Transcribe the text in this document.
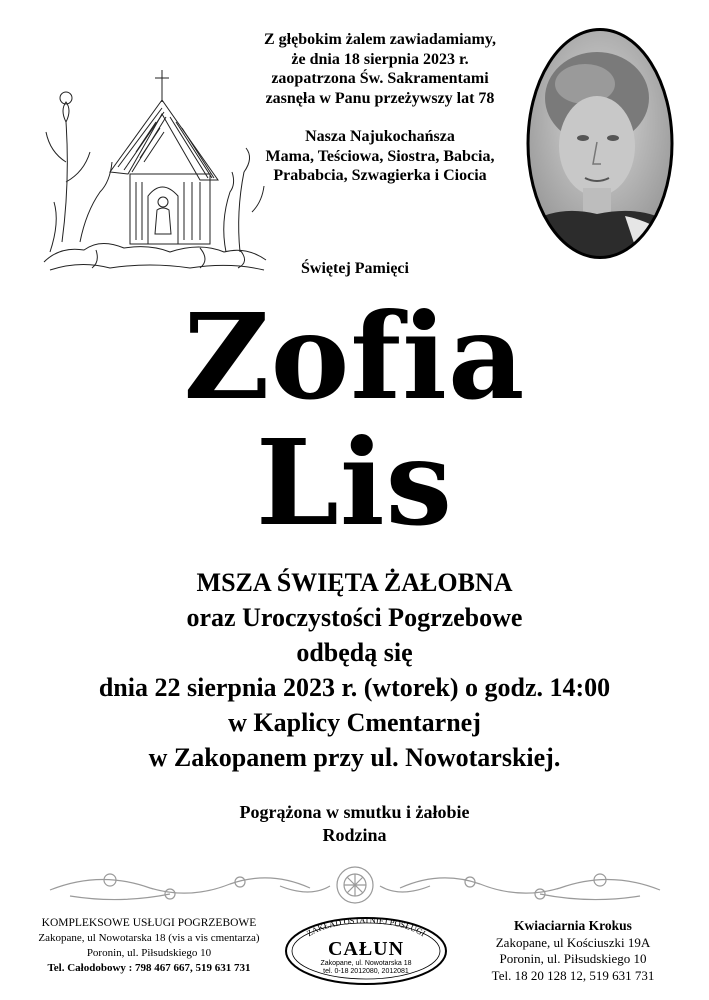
Z głębokim żalem zawiadamiamy,
że dnia 18 sierpnia 2023 r.
zaopatrzona Św. Sakramentami
zasnęła w Panu przeżywszy lat 78
Nasza Najukochańsza
Mama, Teściowa, Siostra, Babcia,
Prababcia, Szwagierka i Ciocia
Świętej Pamięci
Zofia
Lis
MSZA ŚWIĘTA ŻAŁOBNA
oraz Uroczystości Pogrzebowe
odbędą się
dnia 22 sierpnia 2023 r. (wtorek) o godz. 14:00
w Kaplicy Cmentarnej
w Zakopanem przy ul. Nowotarskiej.
Pogrążona w smutku i żałobie
Rodzina
KOMPLEKSOWE USŁUGI POGRZEBOWE
Zakopane, ul Nowotarska 18 (vis a vis cmentarza)
Poronin, ul. Piłsudskiego 10
Tel. Całodobowy : 798 467 667, 519 631 731
ZAKŁAD OSTATNIEJ POSŁUGI
CAŁUN
Zakopane, ul. Nowotarska 18
tel. 0-18 2012080, 2012081
Kwiaciarnia Krokus
Zakopane, ul Kościuszki 19A
Poronin, ul. Piłsudskiego 10
Tel. 18 20 128 12, 519 631 731
